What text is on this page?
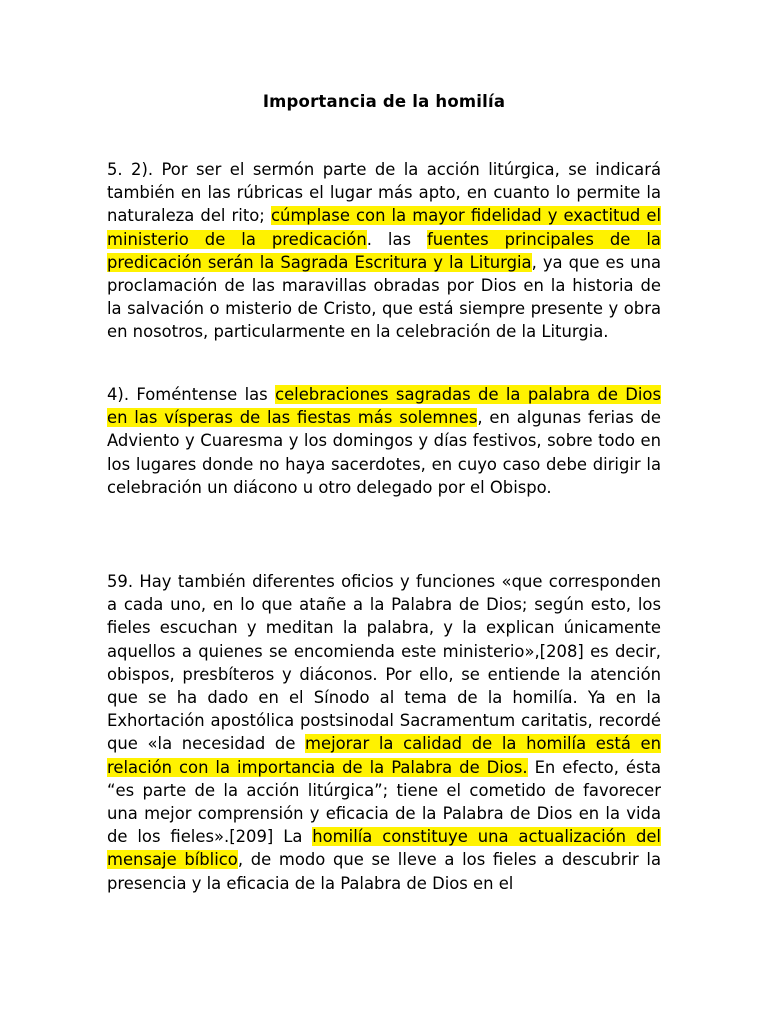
Importancia de la homilía
5. 2). Por ser el sermón parte de la acción litúrgica, se indicará también en las rúbricas el lugar más apto, en cuanto lo permite la naturaleza del rito; cúmplase con la mayor fidelidad y exactitud el ministerio de la predicación. las fuentes principales de la predicación serán la Sagrada Escritura y la Liturgia, ya que es una proclamación de las maravillas obradas por Dios en la historia de la salvación o misterio de Cristo, que está siempre presente y obra en nosotros, particularmente en la celebración de la Liturgia.
4). Foméntense las celebraciones sagradas de la palabra de Dios en las vísperas de las fiestas más solemnes, en algunas ferias de Adviento y Cuaresma y los domingos y días festivos, sobre todo en los lugares donde no haya sacerdotes, en cuyo caso debe dirigir la celebración un diácono u otro delegado por el Obispo.
59. Hay también diferentes oficios y funciones «que corresponden a cada uno, en lo que atañe a la Palabra de Dios; según esto, los fieles escuchan y meditan la palabra, y la explican únicamente aquellos a quienes se encomienda este ministerio»,[208] es decir, obispos, presbíteros y diáconos. Por ello, se entiende la atención que se ha dado en el Sínodo al tema de la homilía. Ya en la Exhortación apostólica postsinodal Sacramentum caritatis, recordé que «la necesidad de mejorar la calidad de la homilía está en relación con la importancia de la Palabra de Dios. En efecto, ésta “es parte de la acción litúrgica”; tiene el cometido de favorecer una mejor comprensión y eficacia de la Palabra de Dios en la vida de los fieles».[209] La homilía constituye una actualización del mensaje bíblico, de modo que se lleve a los fieles a descubrir la presencia y la eficacia de la Palabra de Dios en el
